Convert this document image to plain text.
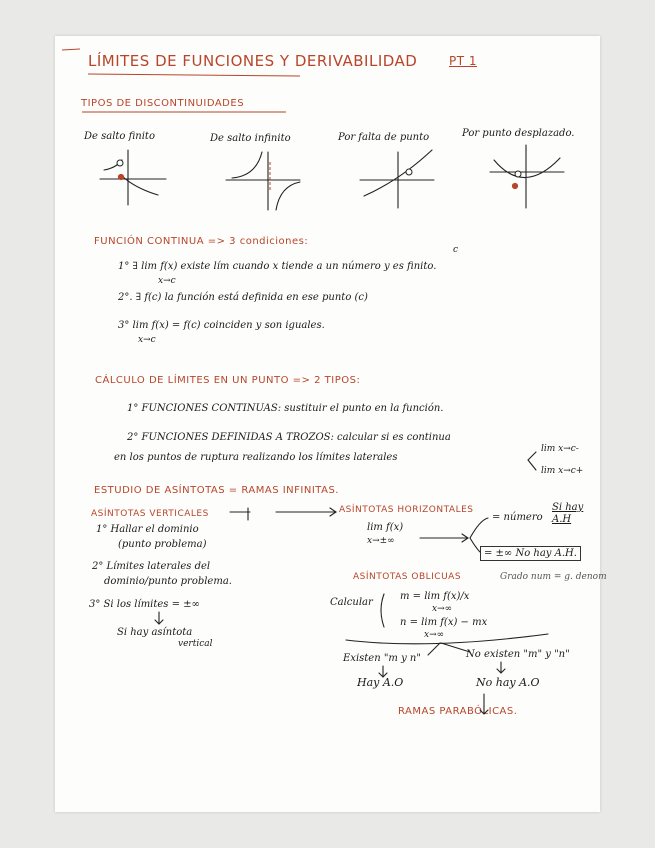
LÍMITES DE FUNCIONES Y DERIVABILIDAD	PT 1
TIPOS DE DISCONTINUIDADES
De salto finito	De salto infinito	Por falta de punto	Por punto desplazado.
FUNCIÓN CONTINUA => 3 condiciones:
1° ∃ lim f(x) existe lím cuando x tiende a un número y es finito.
x→c
c
2°. ∃ f(c) la función está definida en ese punto (c)
3° lim f(x) = f(c) coinciden y son iguales.
x→c
CÁLCULO DE LÍMITES EN UN PUNTO => 2 TIPOS:
1° FUNCIONES CONTINUAS: sustituir el punto en la función.
2° FUNCIONES DEFINIDAS A TROZOS: calcular si es continua
en los puntos de ruptura realizando los límites laterales
lim x→c-
lim x→c+
ESTUDIO DE ASÍNTOTAS = RAMAS INFINITAS.
ASÍNTOTAS VERTICALES
1° Hallar el dominio
(punto problema)
2° Límites laterales del
dominio/punto problema.
3° Si los límites = ±∞
Si hay asíntota
vertical
ASÍNTOTAS HORIZONTALES
lim f(x)
x→±∞
= número
Si hay A.H
= ±∞ No hay A.H.
ASÍNTOTAS OBLICUAS	Grado num = g. denom
Calcular
m = lim f(x)/x
x→∞
n = lim f(x) − mx
x→∞
Existen "m y n"
Hay A.O
No existen "m" y "n"
No hay A.O
RAMAS PARABÓLICAS.
